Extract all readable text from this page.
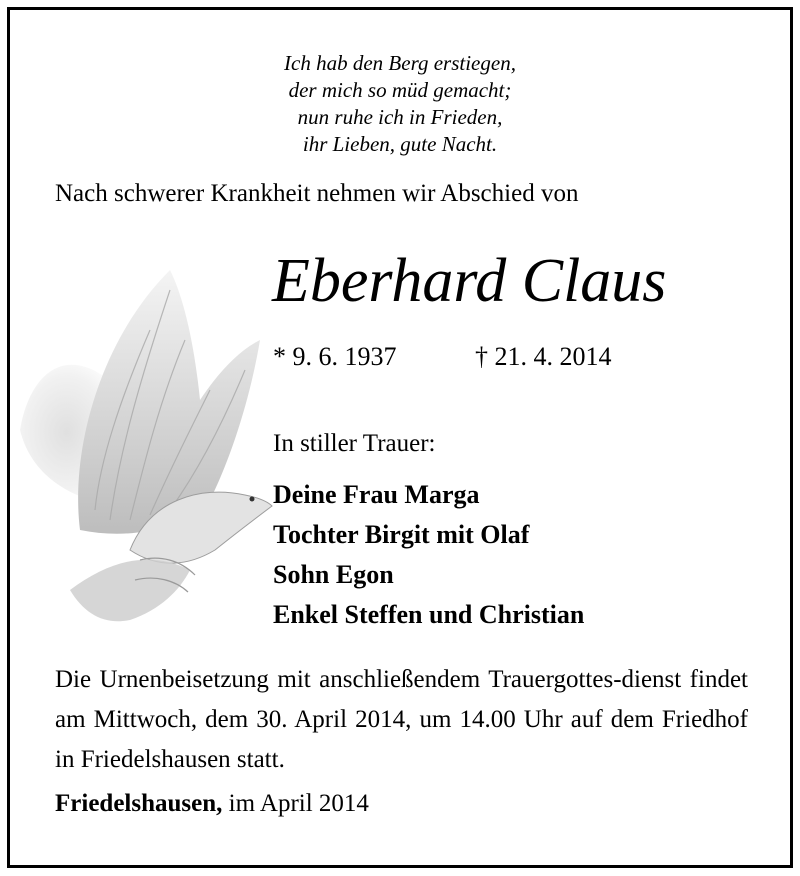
Ich hab den Berg erstiegen,
der mich so müd gemacht;
nun ruhe ich in Frieden,
ihr Lieben, gute Nacht.
Nach schwerer Krankheit nehmen wir Abschied von
Eberhard Claus
* 9. 6. 1937	† 21. 4. 2014
In stiller Trauer:
Deine Frau Marga
Tochter Birgit mit Olaf
Sohn Egon
Enkel Steffen und Christian
Die Urnenbeisetzung mit anschließendem Trauergottes-dienst findet am Mittwoch, dem 30. April 2014, um 14.00 Uhr auf dem Friedhof in Friedelshausen statt.
Friedelshausen, im April 2014
